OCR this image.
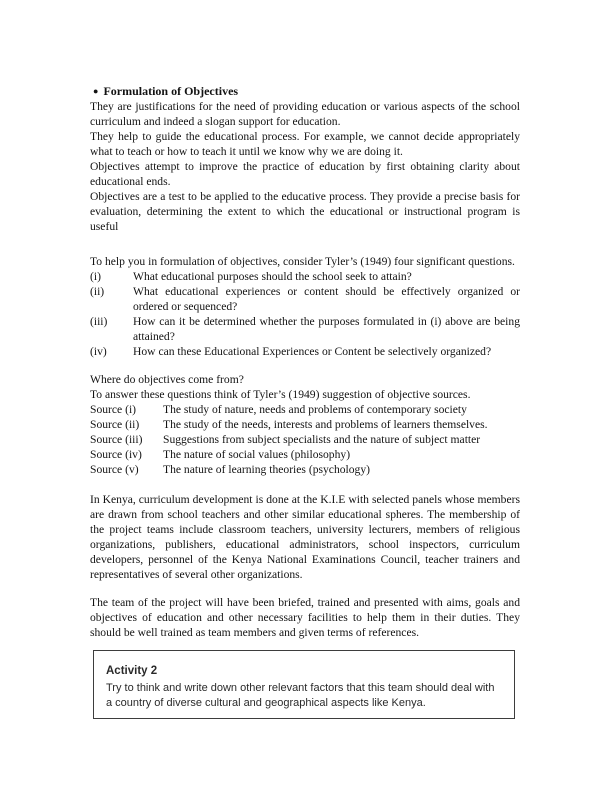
● Formulation of Objectives

They are justifications for the need of providing education or various aspects of the school curriculum and indeed a slogan support for education.

They help to guide the educational process. For example, we cannot decide appropriately what to teach or how to teach it until we know why we are doing it.

Objectives attempt to improve the practice of education by first obtaining clarity about educational ends.

Objectives are a test to be applied to the educative process. They provide a precise basis for evaluation, determining the extent to which the educational or instructional program is useful

To help you in formulation of objectives, consider Tyler’s (1949) four significant questions.

(i)	What educational purposes should the school seek to attain?
(ii)	What educational experiences or content should be effectively organized or ordered or sequenced?
(iii)	How can it be determined whether the purposes formulated in (i) above are being attained?
(iv)	How can these Educational Experiences or Content be selectively organized?

Where do objectives come from?

To answer these questions think of Tyler’s (1949) suggestion of objective sources.

Source (i)	The study of nature, needs and problems of contemporary society
Source (ii)	The study of the needs, interests and problems of learners themselves.
Source (iii)	Suggestions from subject specialists and the nature of subject matter
Source (iv)	The nature of social values (philosophy)
Source (v)	The nature of learning theories (psychology)

In Kenya, curriculum development is done at the K.I.E with selected panels whose members are drawn from school teachers and other similar educational spheres. The membership of the project teams include classroom teachers, university lecturers, members of religious organizations, publishers, educational administrators, school inspectors, curriculum developers, personnel of the Kenya National Examinations Council, teacher trainers and representatives of several other organizations.

The team of the project will have been briefed, trained and presented with aims, goals and objectives of education and other necessary facilities to help them in their duties. They should be well trained as team members and given terms of references.

Activity 2

Try to think and write down other relevant factors that this team should deal with a country of diverse cultural and geographical aspects like Kenya.
